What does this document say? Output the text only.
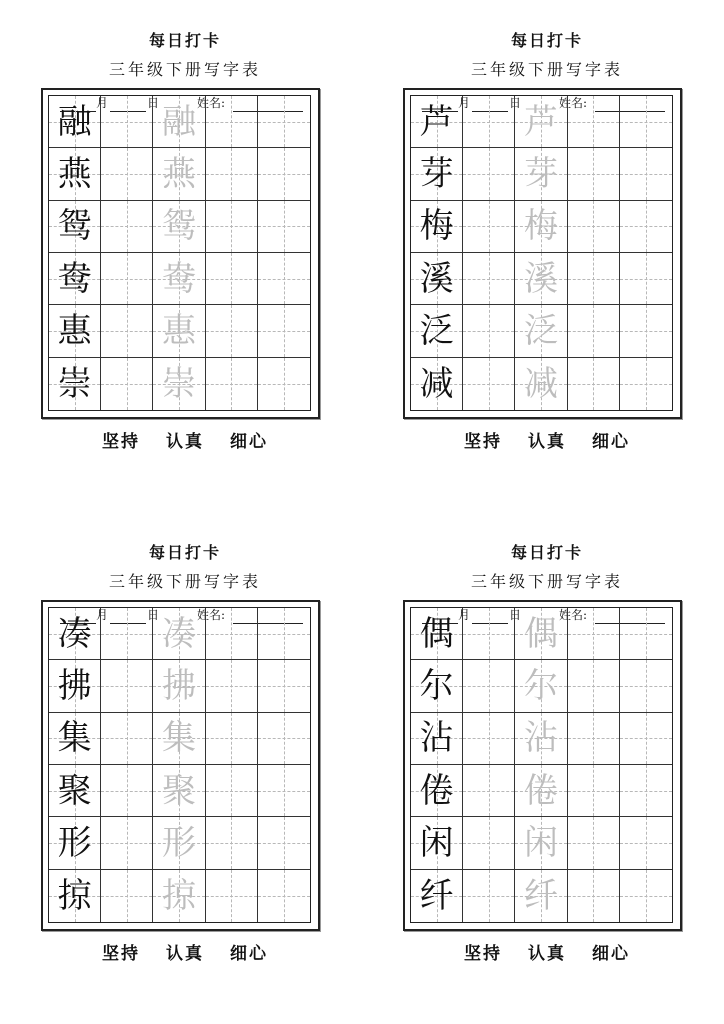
每日打卡
三年级下册写字表
月	日	姓名:
融 融
燕 燕
鸳 鸳
鸯 鸯
惠 惠
崇 崇
坚持 认真 细心
每日打卡
三年级下册写字表
月	日	姓名:
芦 芦
芽 芽
梅 梅
溪 溪
泛 泛
减 减
坚持 认真 细心
每日打卡
三年级下册写字表
月	日	姓名:
凑 凑
拂 拂
集 集
聚 聚
形 形
掠 掠
坚持 认真 细心
每日打卡
三年级下册写字表
月	日	姓名:
偶 偶
尔 尔
沾 沾
倦 倦
闲 闲
纤 纤
坚持 认真 细心
